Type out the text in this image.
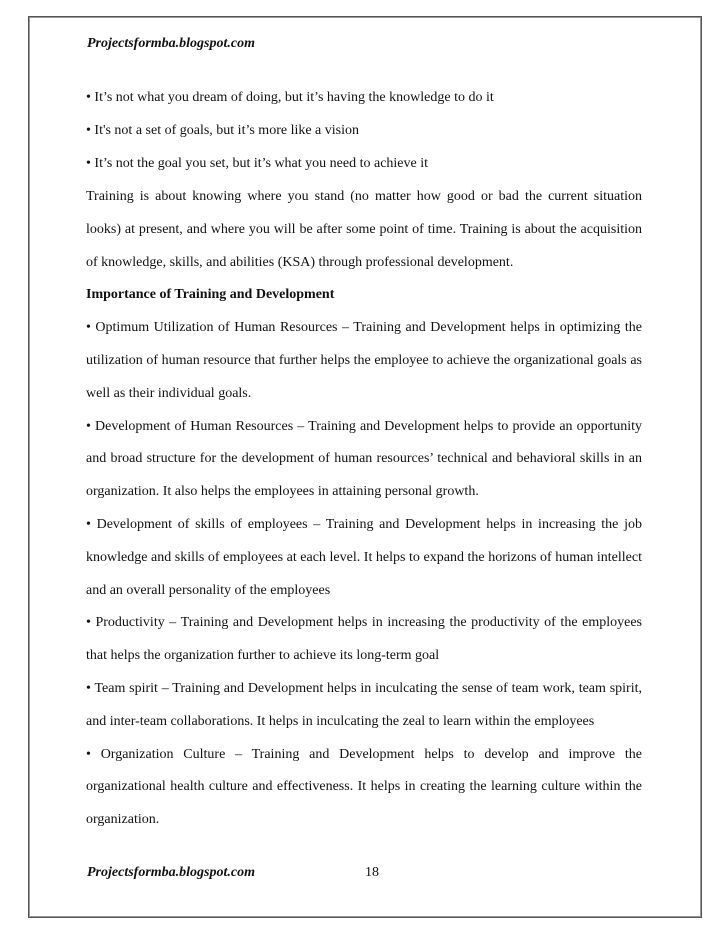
Projectsformba.blogspot.com

• It’s not what you dream of doing, but it’s having the knowledge to do it

• It's not a set of goals, but it’s more like a vision

• It’s not the goal you set, but it’s what you need to achieve it

Training is about knowing where you stand (no matter how good or bad the current situation looks) at present, and where you will be after some point of time. Training is about the acquisition of knowledge, skills, and abilities (KSA) through professional development.

Importance of Training and Development

• Optimum Utilization of Human Resources – Training and Development helps in optimizing the utilization of human resource that further helps the employee to achieve the organizational goals as well as their individual goals.

• Development of Human Resources – Training and Development helps to provide an opportunity and broad structure for the development of human resources’ technical and behavioral skills in an organization. It also helps the employees in attaining personal growth.

• Development of skills of employees – Training and Development helps in increasing the job knowledge and skills of employees at each level. It helps to expand the horizons of human intellect and an overall personality of the employees

• Productivity – Training and Development helps in increasing the productivity of the employees that helps the organization further to achieve its long-term goal

• Team spirit – Training and Development helps in inculcating the sense of team work, team spirit, and inter-team collaborations. It helps in inculcating the zeal to learn within the employees

• Organization Culture – Training and Development helps to develop and improve the organizational health culture and effectiveness. It helps in creating the learning culture within the organization.

Projectsformba.blogspot.com	18
